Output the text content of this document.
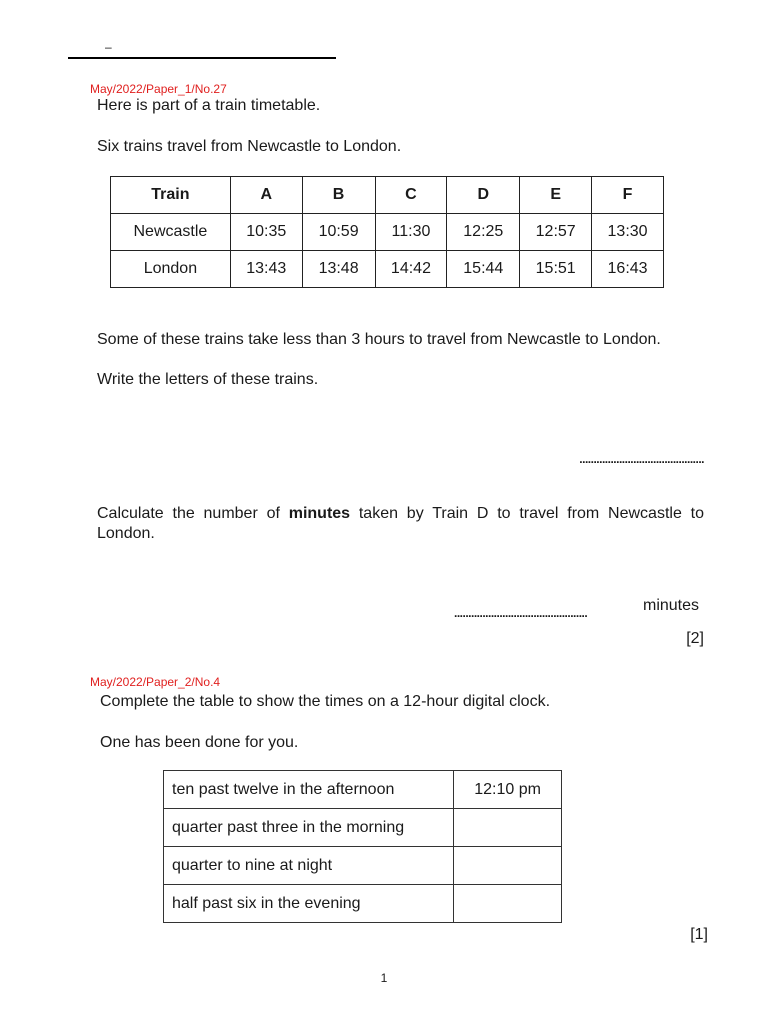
–
May/2022/Paper_1/No.27
Here is part of a train timetable.
Six trains travel from Newcastle to London.
Train	A	B	C	D	E	F
Newcastle	10:35	10:59	11:30	12:25	12:57	13:30
London	13:43	13:48	14:42	15:44	15:51	16:43
Some of these trains take less than 3 hours to travel from Newcastle to London.
Write the letters of these trains.
............................................
Calculate the number of minutes taken by Train D to travel from Newcastle to London.
...............................................	minutes
[2]
May/2022/Paper_2/No.4
Complete the table to show the times on a 12-hour digital clock.
One has been done for you.
ten past twelve in the afternoon	12:10 pm
quarter past three in the morning	
quarter to nine at night	
half past six in the evening	
[1]
1
